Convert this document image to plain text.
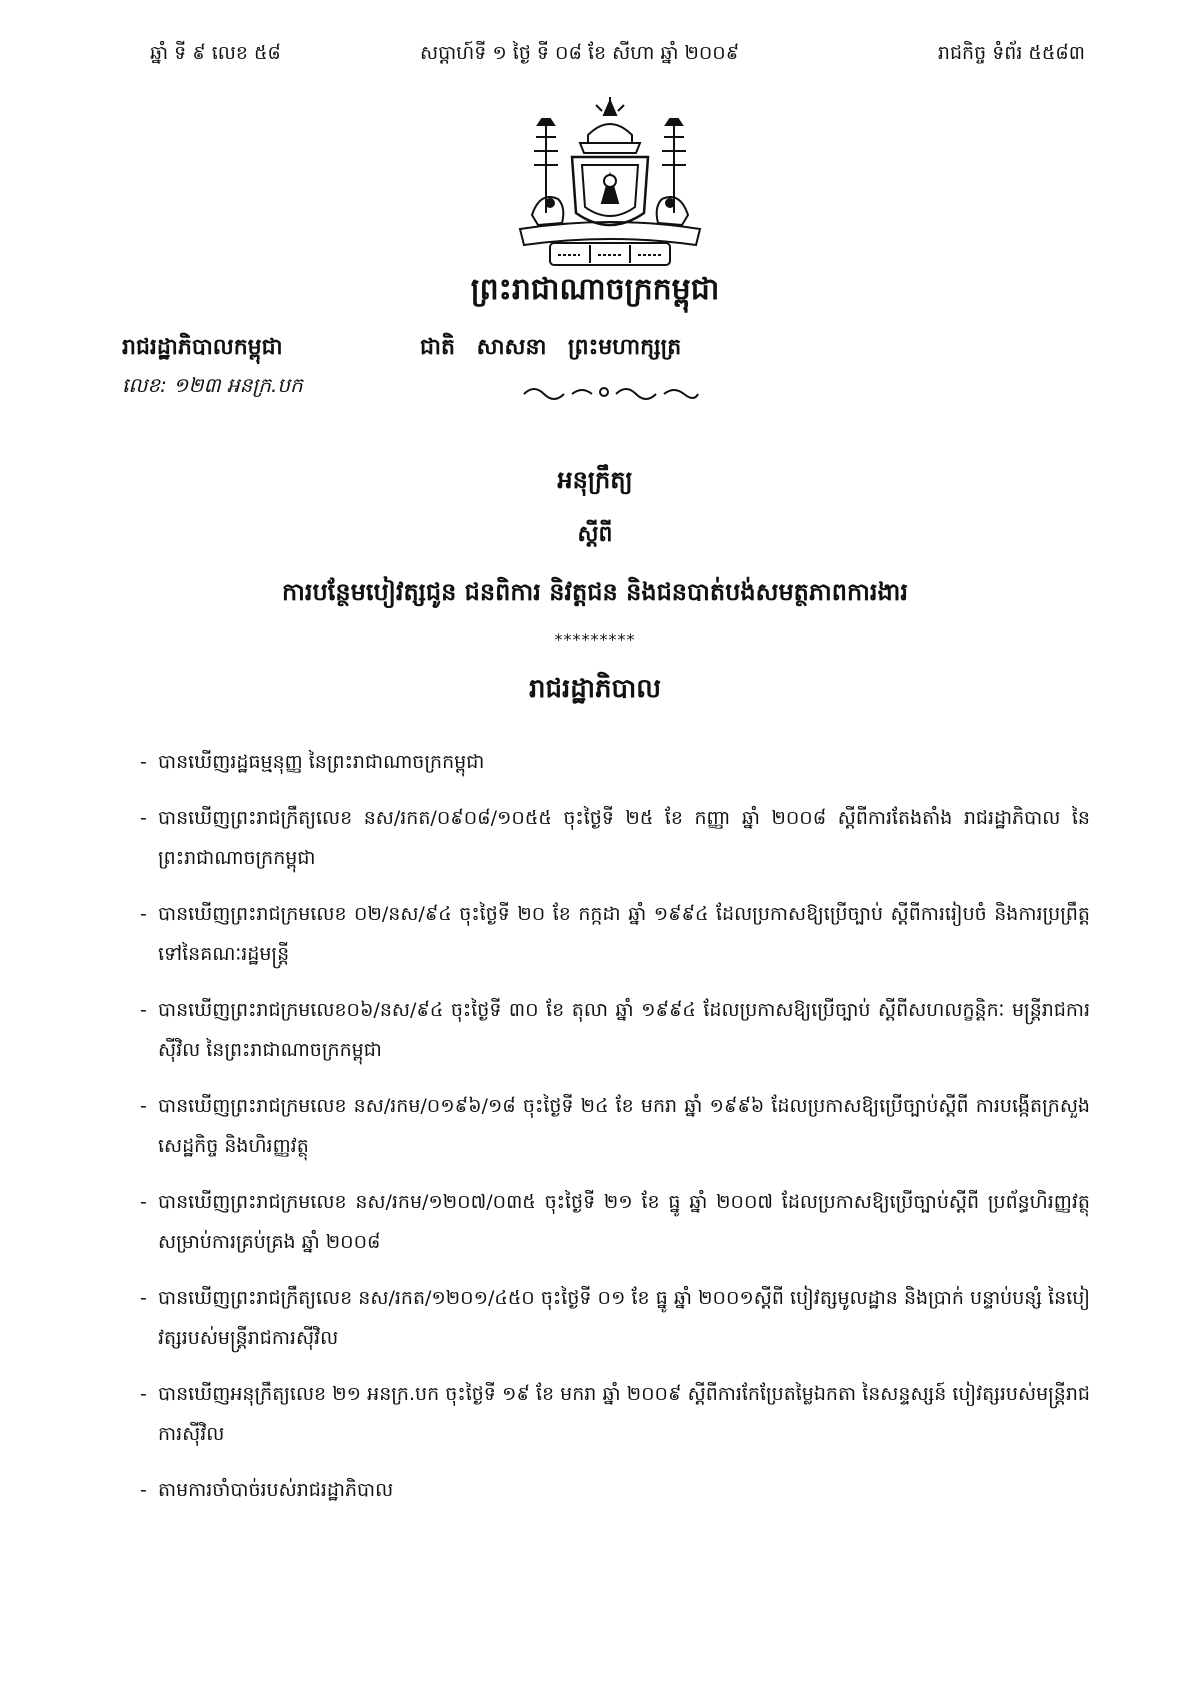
ឆ្នាំ ទី ៩ លេខ ៥៨	សប្តាហ៍ទី ១ ថ្ងៃ ទី ០៨ ខែ សីហា ឆ្នាំ ២០០៩	រាជកិច្ច ទំព័រ ៥៥៨៣
ព្រះរាជាណាចក្រកម្ពុជា
រាជរដ្ឋាភិបាលកម្ពុជា	ជាតិ សាសនា ព្រះមហាក្សត្រ
លេខ: ១២៣ អនក្រ.បក
អនុក្រឹត្យ
ស្តីពី
ការបន្ថែមបៀវត្សជូន ជនពិការ និវត្តជន និងជនបាត់បង់សមត្ថភាពការងារ
*********
រាជរដ្ឋាភិបាល
- បានឃើញរដ្ឋធម្មនុញ្ញ នៃព្រះរាជាណាចក្រកម្ពុជា
- បានឃើញព្រះរាជក្រឹត្យលេខ នស/រកត/០៩០៨/១០៥៥ ចុះថ្ងៃទី ២៥ ខែ កញ្ញា ឆ្នាំ ២០០៨ ស្តីពីការតែងតាំង រាជរដ្ឋាភិបាល នៃព្រះរាជាណាចក្រកម្ពុជា
- បានឃើញព្រះរាជក្រមលេខ ០២/នស/៩៤ ចុះថ្ងៃទី ២០ ខែ កក្កដា ឆ្នាំ ១៩៩៤ ដែលប្រកាសឱ្យប្រើច្បាប់ ស្តីពីការរៀបចំ និងការប្រព្រឹត្តទៅនៃគណៈរដ្ឋមន្ត្រី
- បានឃើញព្រះរាជក្រមលេខ០៦/នស/៩៤ ចុះថ្ងៃទី ៣០ ខែ តុលា ឆ្នាំ ១៩៩៤ ដែលប្រកាសឱ្យប្រើច្បាប់ ស្តីពីសហលក្ខន្តិកៈ មន្ត្រីរាជការស៊ីវិល នៃព្រះរាជាណាចក្រកម្ពុជា
- បានឃើញព្រះរាជក្រមលេខ នស/រកម/០១៩៦/១៨ ចុះថ្ងៃទី ២៤ ខែ មករា ឆ្នាំ ១៩៩៦ ដែលប្រកាសឱ្យប្រើច្បាប់ស្តីពី ការបង្កើតក្រសួងសេដ្ឋកិច្ច និងហិរញ្ញវត្ថុ
- បានឃើញព្រះរាជក្រមលេខ នស/រកម/១២០៧/០៣៥ ចុះថ្ងៃទី ២១ ខែ ធ្នូ ឆ្នាំ ២០០៧ ដែលប្រកាសឱ្យប្រើច្បាប់ស្តីពី ប្រព័ន្ធហិរញ្ញវត្ថុសម្រាប់ការគ្រប់គ្រង ឆ្នាំ ២០០៨
- បានឃើញព្រះរាជក្រឹត្យលេខ នស/រកត/១២០១/៤៥០ ចុះថ្ងៃទី ០១ ខែ ធ្នូ ឆ្នាំ ២០០១ស្តីពី បៀវត្សមូលដ្ឋាន និងប្រាក់ បន្ទាប់បន្សំ នៃបៀវត្សរបស់មន្ត្រីរាជការស៊ីវិល
- បានឃើញអនុក្រឹត្យលេខ ២១ អនក្រ.បក ចុះថ្ងៃទី ១៩ ខែ មករា ឆ្នាំ ២០០៩ ស្តីពីការកែប្រែតម្លៃឯកតា នៃសន្ទស្សន៍ បៀវត្សរបស់មន្ត្រីរាជការស៊ីវិល
- តាមការចាំបាច់របស់រាជរដ្ឋាភិបាល
